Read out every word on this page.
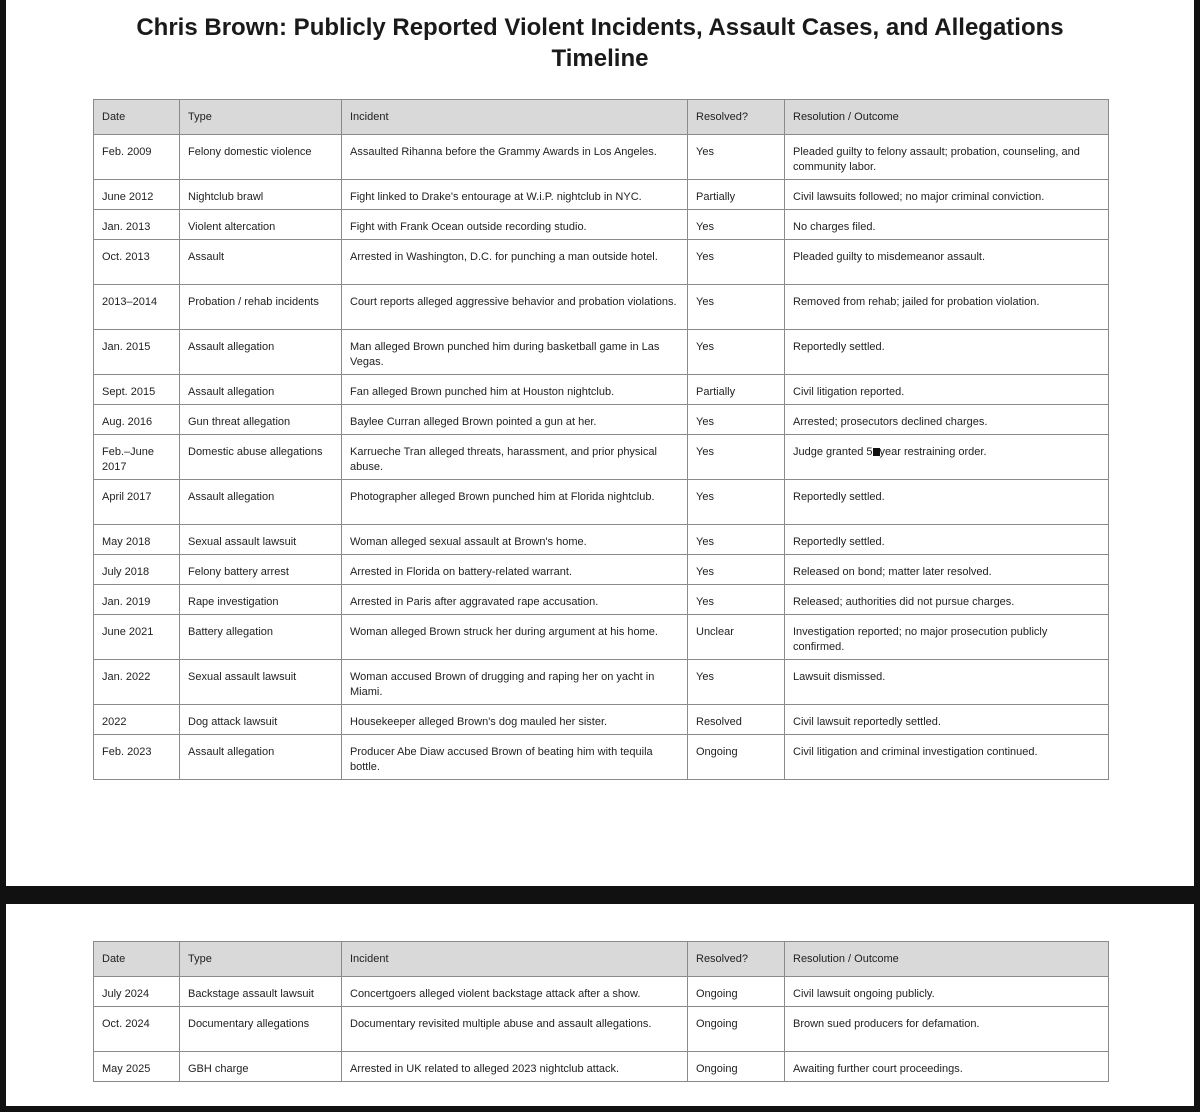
Chris Brown: Publicly Reported Violent Incidents, Assault Cases, and Allegations
Timeline
Date	Type	Incident	Resolved?	Resolution / Outcome
Feb. 2009	Felony domestic violence	Assaulted Rihanna before the Grammy Awards in Los Angeles.	Yes	Pleaded guilty to felony assault; probation, counseling, and community labor.
June 2012	Nightclub brawl	Fight linked to Drake's entourage at W.i.P. nightclub in NYC.	Partially	Civil lawsuits followed; no major criminal conviction.
Jan. 2013	Violent altercation	Fight with Frank Ocean outside recording studio.	Yes	No charges filed.
Oct. 2013	Assault	Arrested in Washington, D.C. for punching a man outside hotel.	Yes	Pleaded guilty to misdemeanor assault.
2013–2014	Probation / rehab incidents	Court reports alleged aggressive behavior and probation violations.	Yes	Removed from rehab; jailed for probation violation.
Jan. 2015	Assault allegation	Man alleged Brown punched him during basketball game in Las Vegas.	Yes	Reportedly settled.
Sept. 2015	Assault allegation	Fan alleged Brown punched him at Houston nightclub.	Partially	Civil litigation reported.
Aug. 2016	Gun threat allegation	Baylee Curran alleged Brown pointed a gun at her.	Yes	Arrested; prosecutors declined charges.
Feb.–June 2017	Domestic abuse allegations	Karrueche Tran alleged threats, harassment, and prior physical abuse.	Yes	Judge granted 5 year restraining order.
April 2017	Assault allegation	Photographer alleged Brown punched him at Florida nightclub.	Yes	Reportedly settled.
May 2018	Sexual assault lawsuit	Woman alleged sexual assault at Brown's home.	Yes	Reportedly settled.
July 2018	Felony battery arrest	Arrested in Florida on battery-related warrant.	Yes	Released on bond; matter later resolved.
Jan. 2019	Rape investigation	Arrested in Paris after aggravated rape accusation.	Yes	Released; authorities did not pursue charges.
June 2021	Battery allegation	Woman alleged Brown struck her during argument at his home.	Unclear	Investigation reported; no major prosecution publicly confirmed.
Jan. 2022	Sexual assault lawsuit	Woman accused Brown of drugging and raping her on yacht in Miami.	Yes	Lawsuit dismissed.
2022	Dog attack lawsuit	Housekeeper alleged Brown's dog mauled her sister.	Resolved	Civil lawsuit reportedly settled.
Feb. 2023	Assault allegation	Producer Abe Diaw accused Brown of beating him with tequila bottle.	Ongoing	Civil litigation and criminal investigation continued.
Date	Type	Incident	Resolved?	Resolution / Outcome
July 2024	Backstage assault lawsuit	Concertgoers alleged violent backstage attack after a show.	Ongoing	Civil lawsuit ongoing publicly.
Oct. 2024	Documentary allegations	Documentary revisited multiple abuse and assault allegations.	Ongoing	Brown sued producers for defamation.
May 2025	GBH charge	Arrested in UK related to alleged 2023 nightclub attack.	Ongoing	Awaiting further court proceedings.
